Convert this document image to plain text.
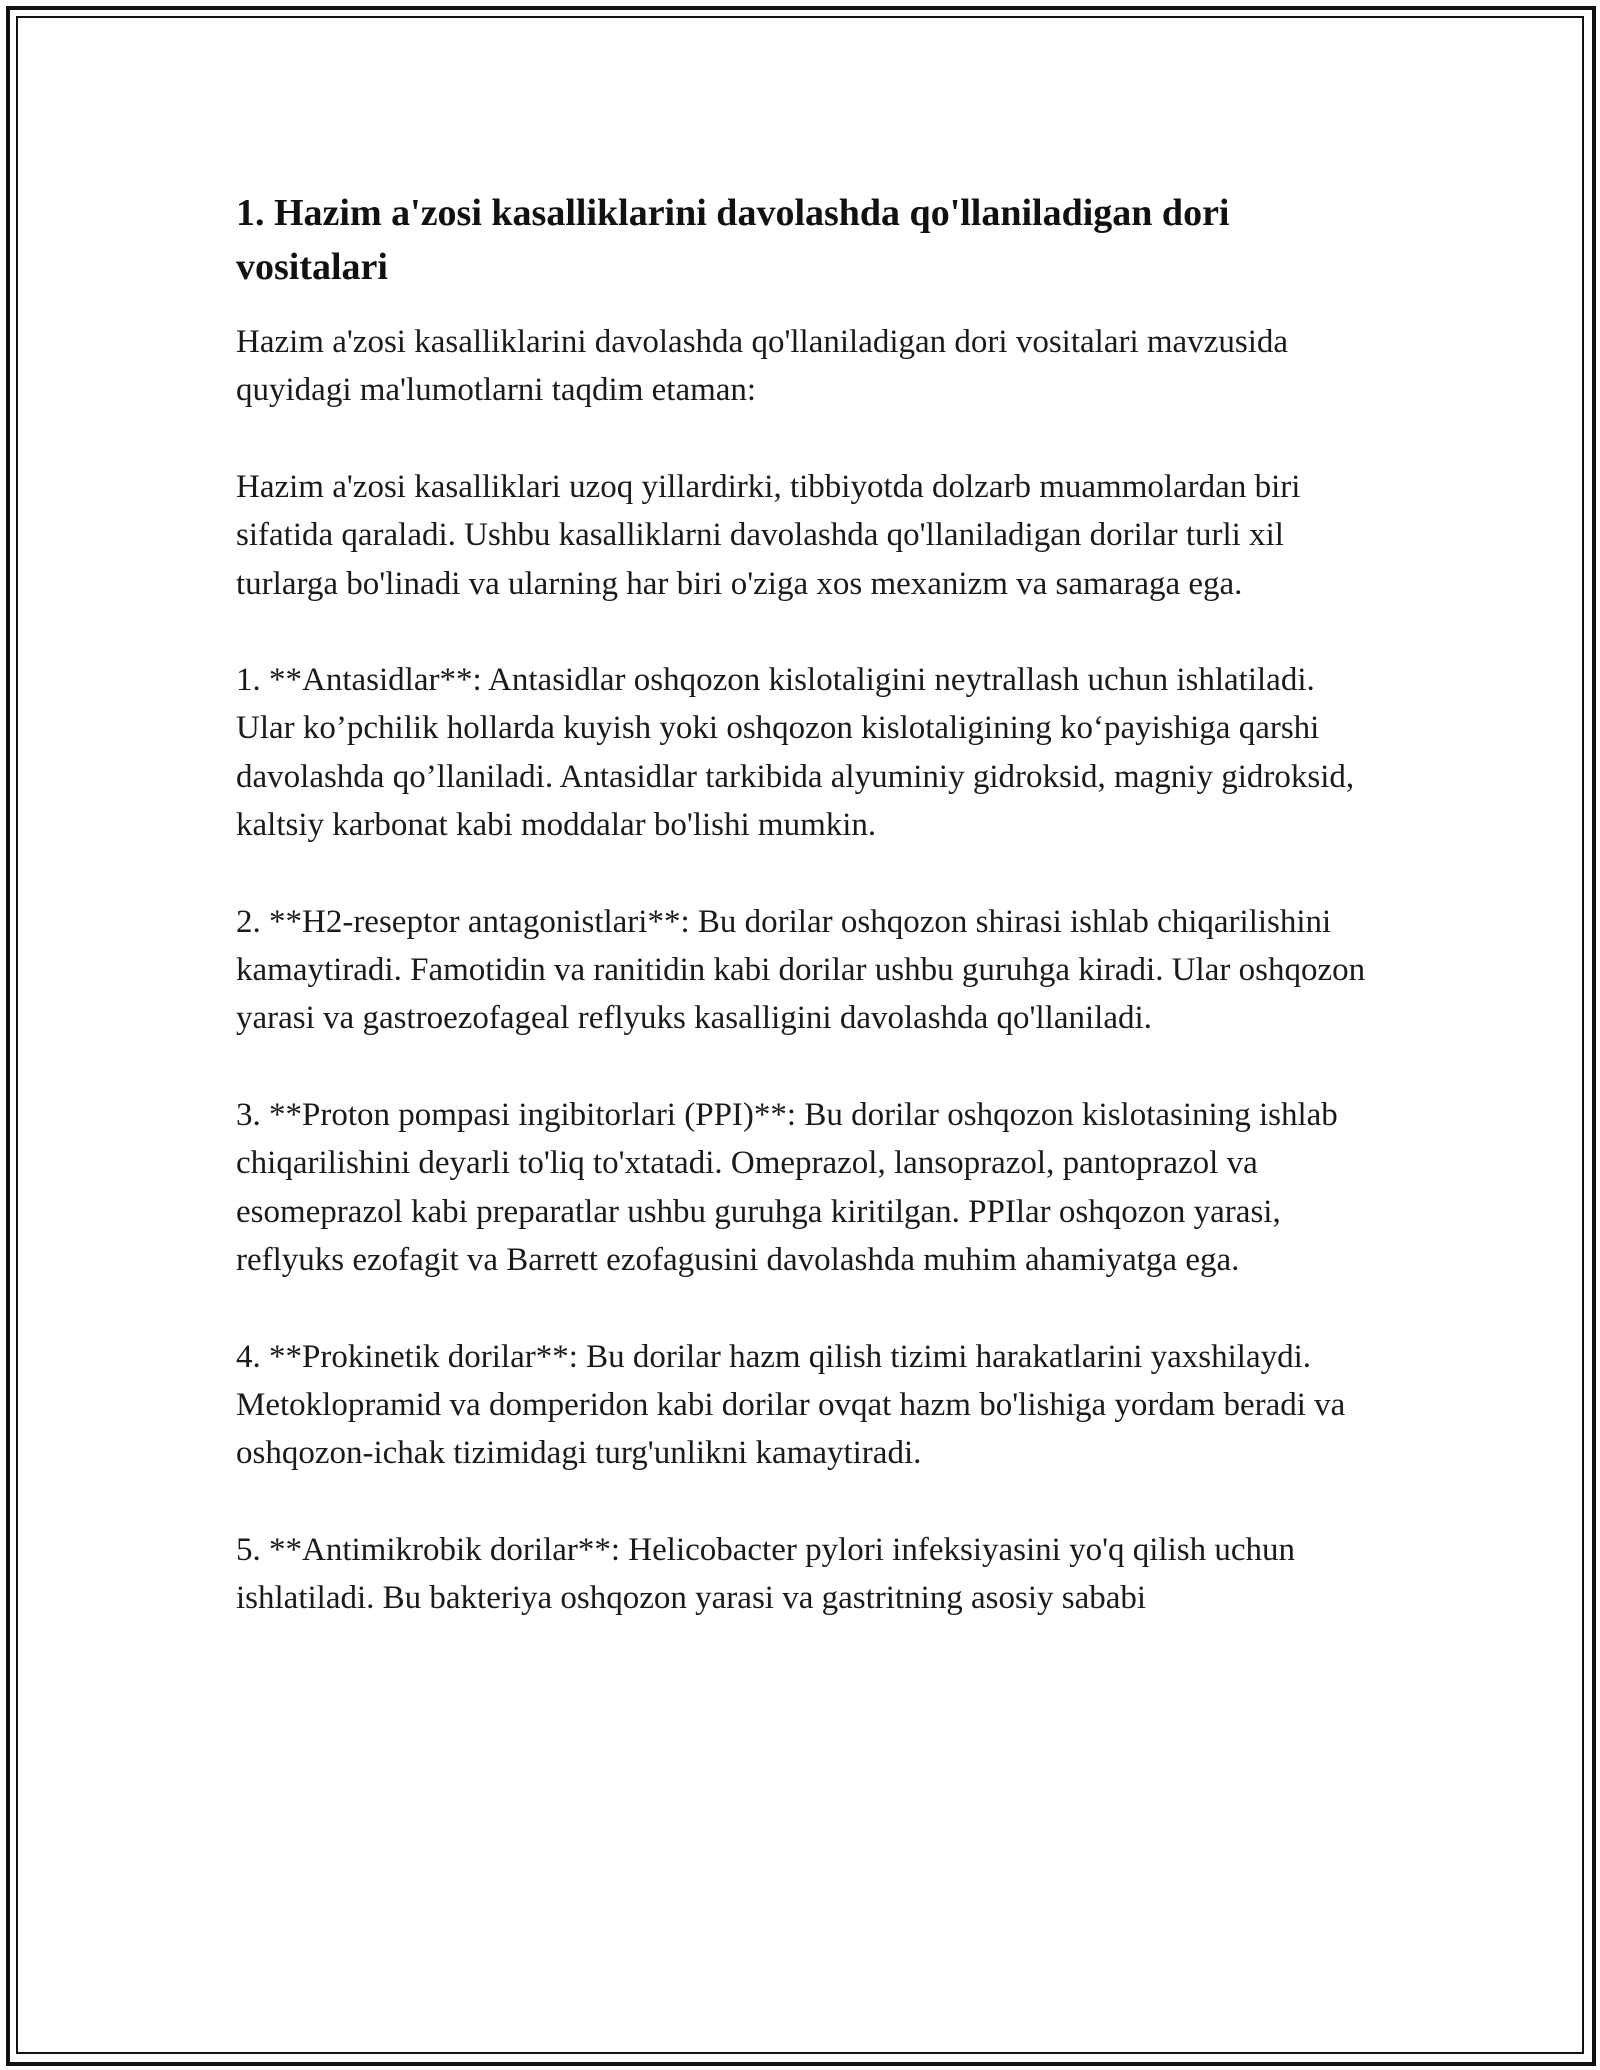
1. Hazim a'zosi kasalliklarini davolashda qo'llaniladigan dori vositalari

Hazim a'zosi kasalliklarini davolashda qo'llaniladigan dori vositalari mavzusida quyidagi ma'lumotlarni taqdim etaman:

Hazim a'zosi kasalliklari uzoq yillardirki, tibbiyotda dolzarb muammolardan biri sifatida qaraladi. Ushbu kasalliklarni davolashda qo'llaniladigan dorilar turli xil turlarga bo'linadi va ularning har biri o'ziga xos mexanizm va samaraga ega.

1. **Antasidlar**: Antasidlar oshqozon kislotaligini neytrallash uchun ishlatiladi. Ular ko’pchilik hollarda kuyish yoki oshqozon kislotaligining ko‘payishiga qarshi davolashda qo’llaniladi. Antasidlar tarkibida alyuminiy gidroksid, magniy gidroksid, kaltsiy karbonat kabi moddalar bo'lishi mumkin.

2. **H2-reseptor antagonistlari**: Bu dorilar oshqozon shirasi ishlab chiqarilishini kamaytiradi. Famotidin va ranitidin kabi dorilar ushbu guruhga kiradi. Ular oshqozon yarasi va gastroezofageal reflyuks kasalligini davolashda qo'llaniladi.

3. **Proton pompasi ingibitorlari (PPI)**: Bu dorilar oshqozon kislotasining ishlab chiqarilishini deyarli to'liq to'xtatadi. Omeprazol, lansoprazol, pantoprazol va esomeprazol kabi preparatlar ushbu guruhga kiritilgan. PPIlar oshqozon yarasi, reflyuks ezofagit va Barrett ezofagusini davolashda muhim ahamiyatga ega.

4. **Prokinetik dorilar**: Bu dorilar hazm qilish tizimi harakatlarini yaxshilaydi. Metoklopramid va domperidon kabi dorilar ovqat hazm bo'lishiga yordam beradi va oshqozon-ichak tizimidagi turg'unlikni kamaytiradi.

5. **Antimikrobik dorilar**: Helicobacter pylori infeksiyasini yo'q qilish uchun ishlatiladi. Bu bakteriya oshqozon yarasi va gastritning asosiy sababi
